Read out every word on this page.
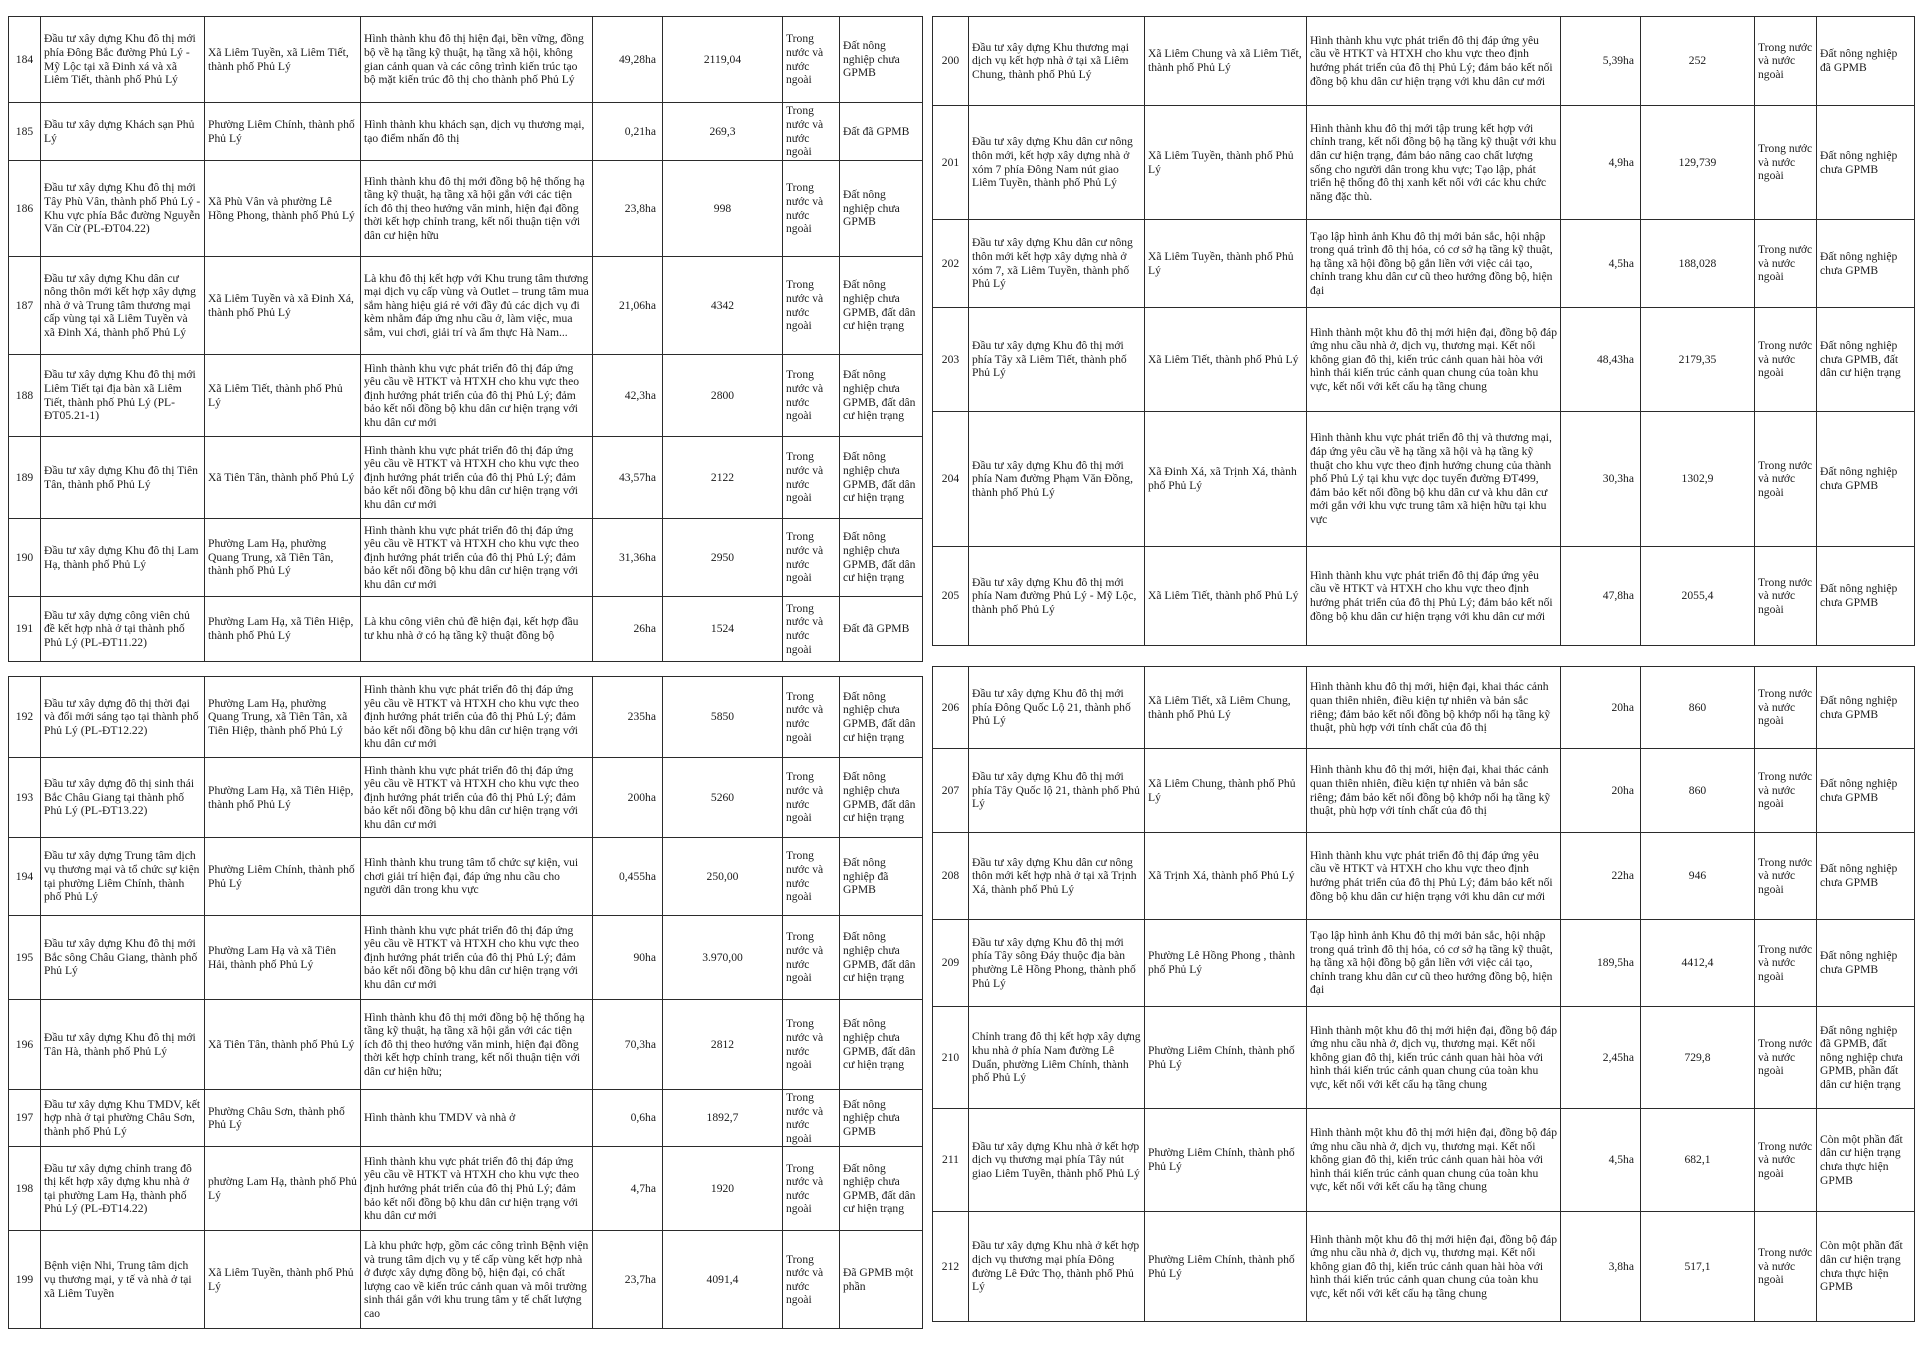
184	Đầu tư xây dựng Khu đô thị mới phía Đông Bắc đường Phủ Lý - Mỹ Lộc tại xã Đinh xá và xã Liêm Tiết, thành phố Phủ Lý	Xã Liêm Tuyền, xã Liêm Tiết, thành phố Phủ Lý	Hình thành khu đô thị hiện đại, bền vững, đồng bộ về hạ tầng kỹ thuật, hạ tầng xã hội, không gian cảnh quan và các công trình kiến trúc tạo bộ mặt kiến trúc đô thị cho thành phố Phủ Lý	49,28ha	2119,04	Trong nước và nước ngoài	Đất nông nghiệp chưa GPMB
185	Đầu tư xây dựng Khách sạn Phủ Lý	Phường Liêm Chính, thành phố Phủ Lý	Hình thành khu khách sạn, dịch vụ thương mại, tạo điểm nhấn đô thị	0,21ha	269,3	Trong nước và nước ngoài	Đất đã GPMB
186	Đầu tư xây dựng Khu đô thị mới Tây Phù Vân, thành phố Phủ Lý - Khu vực phía Bắc đường Nguyễn Văn Cừ (PL-ĐT04.22)	Xã Phù Vân và phường Lê Hồng Phong, thành phố Phủ Lý	Hình thành khu đô thị mới đồng bộ hệ thống hạ tầng kỹ thuật, hạ tầng xã hội gắn với các tiện ích đô thị theo hướng văn minh, hiện đại đồng thời kết hợp chỉnh trang, kết nối thuận tiện với dân cư hiện hữu	23,8ha	998	Trong nước và nước ngoài	Đất nông nghiệp chưa GPMB
187	Đầu tư xây dựng Khu dân cư nông thôn mới kết hợp xây dựng nhà ở và Trung tâm thương mại cấp vùng tại xã Liêm Tuyền và xã Đinh Xá, thành phố Phủ Lý	Xã Liêm Tuyền và xã Đinh Xá, thành phố Phủ Lý	Là khu đô thị kết hợp với Khu trung tâm thương mại dịch vụ cấp vùng và Outlet – trung tâm mua sắm hàng hiệu giá rẻ với đầy đủ các dịch vụ đi kèm nhằm đáp ứng nhu cầu ở, làm việc, mua sắm, vui chơi, giải trí và ẩm thực Hà Nam...	21,06ha	4342	Trong nước và nước ngoài	Đất nông nghiệp chưa GPMB, đất dân cư hiện trạng
188	Đầu tư xây dựng Khu đô thị mới Liêm Tiết tại địa bàn xã Liêm Tiết, thành phố Phủ Lý (PL-ĐT05.21-1)	Xã Liêm Tiết, thành phố Phủ Lý	Hình thành khu vực phát triển đô thị đáp ứng yêu cầu về HTKT và HTXH cho khu vực theo định hướng phát triển của đô thị Phủ Lý; đảm bảo kết nối đồng bộ khu dân cư hiện trạng với khu dân cư mới	42,3ha	2800	Trong nước và nước ngoài	Đất nông nghiệp chưa GPMB, đất dân cư hiện trạng
189	Đầu tư xây dựng Khu đô thị Tiên Tân, thành phố Phủ Lý	Xã Tiên Tân, thành phố Phủ Lý	Hình thành khu vực phát triển đô thị đáp ứng yêu cầu về HTKT và HTXH cho khu vực theo định hướng phát triển của đô thị Phủ Lý; đảm bảo kết nối đồng bộ khu dân cư hiện trạng với khu dân cư mới	43,57ha	2122	Trong nước và nước ngoài	Đất nông nghiệp chưa GPMB, đất dân cư hiện trạng
190	Đầu tư xây dựng Khu đô thị Lam Hạ, thành phố Phủ Lý	Phường Lam Hạ, phường Quang Trung, xã Tiên Tân, thành phố Phủ Lý	Hình thành khu vực phát triển đô thị đáp ứng yêu cầu về HTKT và HTXH cho khu vực theo định hướng phát triển của đô thị Phủ Lý; đảm bảo kết nối đồng bộ khu dân cư hiện trạng với khu dân cư mới	31,36ha	2950	Trong nước và nước ngoài	Đất nông nghiệp chưa GPMB, đất dân cư hiện trạng
191	Đầu tư xây dựng công viên chủ đề kết hợp nhà ở tại thành phố Phủ Lý (PL-ĐT11.22)	Phường Lam Hạ, xã Tiên Hiệp, thành phố Phủ Lý	Là khu công viên chủ đề hiện đại, kết hợp đầu tư khu nhà ở có hạ tầng kỹ thuật đồng bộ	26ha	1524	Trong nước và nước ngoài	Đất đã GPMB
192	Đầu tư xây dựng đô thị thời đại và đổi mới sáng tạo tại thành phố Phủ Lý (PL-ĐT12.22)	Phường Lam Hạ, phường Quang Trung, xã Tiên Tân, xã Tiên Hiệp, thành phố Phủ Lý	Hình thành khu vực phát triển đô thị đáp ứng yêu cầu về HTKT và HTXH cho khu vực theo định hướng phát triển của đô thị Phủ Lý; đảm bảo kết nối đồng bộ khu dân cư hiện trạng với khu dân cư mới	235ha	5850	Trong nước và nước ngoài	Đất nông nghiệp chưa GPMB, đất dân cư hiện trạng
193	Đầu tư xây dựng đô thị sinh thái Bắc Châu Giang tại thành phố Phủ Lý (PL-ĐT13.22)	Phường Lam Hạ, xã Tiên Hiệp, thành phố Phủ Lý	Hình thành khu vực phát triển đô thị đáp ứng yêu cầu về HTKT và HTXH cho khu vực theo định hướng phát triển của đô thị Phủ Lý; đảm bảo kết nối đồng bộ khu dân cư hiện trạng với khu dân cư mới	200ha	5260	Trong nước và nước ngoài	Đất nông nghiệp chưa GPMB, đất dân cư hiện trạng
194	Đầu tư xây dựng Trung tâm dịch vụ thương mại và tổ chức sự kiện tại phường Liêm Chính, thành phố Phủ Lý	Phường Liêm Chính, thành phố Phủ Lý	Hình thành khu trung tâm tổ chức sự kiện, vui chơi giải trí hiện đại, đáp ứng nhu cầu cho người dân trong khu vực	0,455ha	250,00	Trong nước và nước ngoài	Đất nông nghiệp đã GPMB
195	Đầu tư xây dựng Khu đô thị mới Bắc sông Châu Giang, thành phố Phủ Lý	Phường Lam Hạ và xã Tiên Hải, thành phố Phủ Lý	Hình thành khu vực phát triển đô thị đáp ứng yêu cầu về HTKT và HTXH cho khu vực theo định hướng phát triển của đô thị Phủ Lý; đảm bảo kết nối đồng bộ khu dân cư hiện trạng với khu dân cư mới	90ha	3.970,00	Trong nước và nước ngoài	Đất nông nghiệp chưa GPMB, đất dân cư hiện trạng
196	Đầu tư xây dựng Khu đô thị mới Tân Hà, thành phố Phủ Lý	Xã Tiên Tân, thành phố Phủ Lý	Hình thành khu đô thị mới đồng bộ hệ thống hạ tầng kỹ thuật, hạ tầng xã hội gắn với các tiện ích đô thị theo hướng văn minh, hiện đại đồng thời kết hợp chỉnh trang, kết nối thuận tiện với dân cư hiện hữu;	70,3ha	2812	Trong nước và nước ngoài	Đất nông nghiệp chưa GPMB, đất dân cư hiện trạng
197	Đầu tư xây dựng Khu TMDV, kết hợp nhà ở tại phường Châu Sơn, thành phố Phủ Lý	Phường Châu Sơn, thành phố Phủ Lý	Hình thành khu TMDV và nhà ở	0,6ha	1892,7	Trong nước và nước ngoài	Đất nông nghiệp chưa GPMB
198	Đầu tư xây dựng chỉnh trang đô thị kết hợp xây dựng khu nhà ở tại phường Lam Hạ, thành phố Phủ Lý (PL-ĐT14.22)	phường Lam Hạ, thành phố Phủ Lý	Hình thành khu vực phát triển đô thị đáp ứng yêu cầu về HTKT và HTXH cho khu vực theo định hướng phát triển của đô thị Phủ Lý; đảm bảo kết nối đồng bộ khu dân cư hiện trạng với khu dân cư mới	4,7ha	1920	Trong nước và nước ngoài	Đất nông nghiệp chưa GPMB, đất dân cư hiện trạng
199	Bệnh viện Nhi, Trung tâm dịch vụ thương mại, y tế và nhà ở tại xã Liêm Tuyền	Xã Liêm Tuyền, thành phố Phủ Lý	Là khu phức hợp, gồm các công trình Bệnh viện và trung tâm dịch vụ y tế cấp vùng kết hợp nhà ở được xây dựng đồng bộ, hiện đại, có chất lượng cao về kiến trúc cảnh quan và môi trường sinh thái gắn với khu trung tâm y tế chất lượng cao	23,7ha	4091,4	Trong nước và nước ngoài	Đã GPMB một phần
200	Đầu tư xây dựng Khu thương mại dịch vụ kết hợp nhà ở tại xã Liêm Chung, thành phố Phủ Lý	Xã Liêm Chung và xã Liêm Tiết, thành phố Phủ Lý	Hình thành khu vực phát triển đô thị đáp ứng yêu cầu về HTKT và HTXH cho khu vực theo định hướng phát triển của đô thị Phủ Lý; đảm bảo kết nối đồng bộ khu dân cư hiện trạng với khu dân cư mới	5,39ha	252	Trong nước và nước ngoài	Đất nông nghiệp đã GPMB
201	Đầu tư xây dựng Khu dân cư nông thôn mới, kết hợp xây dựng nhà ở xóm 7 phía Đông Nam nút giao Liêm Tuyền, thành phố Phủ Lý	Xã Liêm Tuyền, thành phố Phủ Lý	Hình thành khu đô thị mới tập trung kết hợp với chỉnh trang, kết nối đồng bộ hạ tầng kỹ thuật với khu dân cư hiện trạng, đảm bảo nâng cao chất lượng sống cho người dân trong khu vực; Tạo lập, phát triển hệ thống đô thị xanh kết nối với các khu chức năng đặc thù.	4,9ha	129,739	Trong nước và nước ngoài	Đất nông nghiệp chưa GPMB
202	Đầu tư xây dựng Khu dân cư nông thôn mới kết hợp xây dựng nhà ở xóm 7, xã Liêm Tuyền, thành phố Phủ Lý	Xã Liêm Tuyền, thành phố Phủ Lý	Tạo lập hình ảnh Khu đô thị mới bản sắc, hội nhập trong quá trình đô thị hóa, có cơ sở hạ tầng kỹ thuật, hạ tầng xã hội đồng bộ gắn liền với việc cải tạo, chỉnh trang khu dân cư cũ theo hướng đồng bộ, hiện đại	4,5ha	188,028	Trong nước và nước ngoài	Đất nông nghiệp chưa GPMB
203	Đầu tư xây dựng Khu đô thị mới phía Tây xã Liêm Tiết, thành phố Phủ Lý	Xã Liêm Tiết, thành phố Phủ Lý	Hình thành một khu đô thị mới hiện đại, đồng bộ đáp ứng nhu cầu nhà ở, dịch vụ, thương mại. Kết nối không gian đô thị, kiến trúc cảnh quan hài hòa với hình thái kiến trúc cảnh quan chung của toàn khu vực, kết nối với kết cấu hạ tầng chung	48,43ha	2179,35	Trong nước và nước ngoài	Đất nông nghiệp chưa GPMB, đất dân cư hiện trạng
204	Đầu tư xây dựng Khu đô thị mới phía Nam đường Phạm Văn Đồng, thành phố Phủ Lý	Xã Đinh Xá, xã Trịnh Xá, thành phố Phủ Lý	Hình thành khu vực phát triển đô thị và thương mại, đáp ứng yêu cầu về hạ tầng xã hội và hạ tầng kỹ thuật cho khu vực theo định hướng chung của thành phố Phủ Lý tại khu vực dọc tuyến đường ĐT499, đảm bảo kết nối đồng bộ khu dân cư và khu dân cư mới gắn với khu vực trung tâm xã hiện hữu tại khu vực	30,3ha	1302,9	Trong nước và nước ngoài	Đất nông nghiệp chưa GPMB
205	Đầu tư xây dựng Khu đô thị mới phía Nam đường Phủ Lý - Mỹ Lộc, thành phố Phủ Lý	Xã Liêm Tiết, thành phố Phủ Lý	Hình thành khu vực phát triển đô thị đáp ứng yêu cầu về HTKT và HTXH cho khu vực theo định hướng phát triển của đô thị Phủ Lý; đảm bảo kết nối đồng bộ khu dân cư hiện trạng với khu dân cư mới	47,8ha	2055,4	Trong nước và nước ngoài	Đất nông nghiệp chưa GPMB
206	Đầu tư xây dựng Khu đô thị mới phía Đông Quốc Lộ 21, thành phố Phủ Lý	Xã Liêm Tiết, xã Liêm Chung, thành phố Phủ Lý	Hình thành khu đô thị mới, hiện đại, khai thác cảnh quan thiên nhiên, điều kiện tự nhiên và bản sắc riêng; đảm bảo kết nối đồng bộ khớp nối hạ tầng kỹ thuật, phù hợp với tính chất của đô thị	20ha	860	Trong nước và nước ngoài	Đất nông nghiệp chưa GPMB
207	Đầu tư xây dựng Khu đô thị mới phía Tây Quốc lộ 21, thành phố Phủ Lý	Xã Liêm Chung, thành phố Phủ Lý	Hình thành khu đô thị mới, hiện đại, khai thác cảnh quan thiên nhiên, điều kiện tự nhiên và bản sắc riêng; đảm bảo kết nối đồng bộ khớp nối hạ tầng kỹ thuật, phù hợp với tính chất của đô thị	20ha	860	Trong nước và nước ngoài	Đất nông nghiệp chưa GPMB
208	Đầu tư xây dựng Khu dân cư nông thôn mới kết hợp nhà ở tại xã Trịnh Xá, thành phố Phủ Lý	Xã Trịnh Xá, thành phố Phủ Lý	Hình thành khu vực phát triển đô thị đáp ứng yêu cầu về HTKT và HTXH cho khu vực theo định hướng phát triển của đô thị Phủ Lý; đảm bảo kết nối đồng bộ khu dân cư hiện trạng với khu dân cư mới	22ha	946	Trong nước và nước ngoài	Đất nông nghiệp chưa GPMB
209	Đầu tư xây dựng Khu đô thị mới phía Tây sông Đáy thuộc địa bàn phường Lê Hồng Phong, thành phố Phủ Lý	Phường Lê Hồng Phong , thành phố Phủ Lý	Tạo lập hình ảnh Khu đô thị mới bản sắc, hội nhập trong quá trình đô thị hóa, có cơ sở hạ tầng kỹ thuật, hạ tầng xã hội đồng bộ gắn liền với việc cải tạo, chỉnh trang khu dân cư cũ theo hướng đồng bộ, hiện đại	189,5ha	4412,4	Trong nước và nước ngoài	Đất nông nghiệp chưa GPMB
210	Chỉnh trang đô thị kết hợp xây dựng khu nhà ở phía Nam đường Lê Duẩn, phường Liêm Chính, thành phố Phủ Lý	Phường Liêm Chính, thành phố Phủ Lý	Hình thành một khu đô thị mới hiện đại, đồng bộ đáp ứng nhu cầu nhà ở, dịch vụ, thương mại. Kết nối không gian đô thị, kiến trúc cảnh quan hài hòa với hình thái kiến trúc cảnh quan chung của toàn khu vực, kết nối với kết cấu hạ tầng chung	2,45ha	729,8	Trong nước và nước ngoài	Đất nông nghiệp đã GPMB, đất nông nghiệp chưa GPMB, phần đất dân cư hiện trạng
211	Đầu tư xây dựng Khu nhà ở kết hợp dịch vụ thương mại phía Tây nút giao Liêm Tuyền, thành phố Phủ Lý	Phường Liêm Chính, thành phố Phủ Lý	Hình thành một khu đô thị mới hiện đại, đồng bộ đáp ứng nhu cầu nhà ở, dịch vụ, thương mại. Kết nối không gian đô thị, kiến trúc cảnh quan hài hòa với hình thái kiến trúc cảnh quan chung của toàn khu vực, kết nối với kết cấu hạ tầng chung	4,5ha	682,1	Trong nước và nước ngoài	Còn một phần đất dân cư hiện trạng chưa thực hiện GPMB
212	Đầu tư xây dựng Khu nhà ở kết hợp dịch vụ thương mại phía Đông đường Lê Đức Thọ, thành phố Phủ Lý	Phường Liêm Chính, thành phố Phủ Lý	Hình thành một khu đô thị mới hiện đại, đồng bộ đáp ứng nhu cầu nhà ở, dịch vụ, thương mại. Kết nối không gian đô thị, kiến trúc cảnh quan hài hòa với hình thái kiến trúc cảnh quan chung của toàn khu vực, kết nối với kết cấu hạ tầng chung	3,8ha	517,1	Trong nước và nước ngoài	Còn một phần đất dân cư hiện trạng chưa thực hiện GPMB
